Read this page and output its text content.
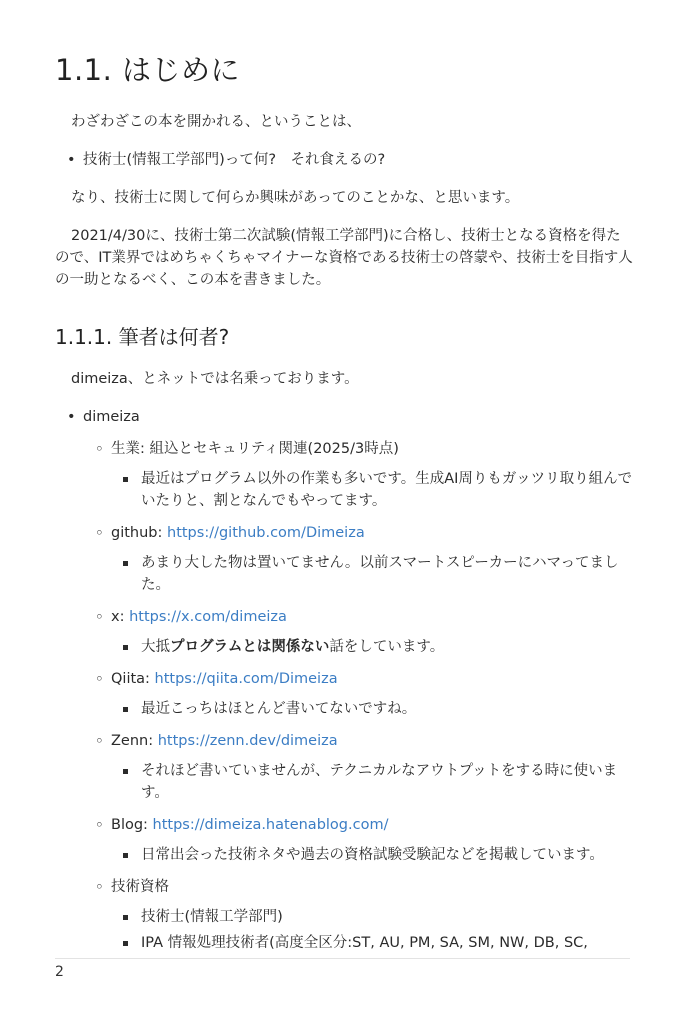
1.1. はじめに

わざわざこの本を開かれる、ということは、

• 技術士(情報工学部門)って何?　それ食えるの?

なり、技術士に関して何らか興味があってのことかな、と思います。

2021/4/30に、技術士第二次試験(情報工学部門)に合格し、技術士となる資格を得たので、IT業界ではめちゃくちゃマイナーな資格である技術士の啓蒙や、技術士を目指す人の一助となるべく、この本を書きました。

1.1.1. 筆者は何者?

dimeiza、とネットでは名乗っております。

• dimeiza
◦ 生業: 組込とセキュリティ関連(2025/3時点)
最近はプログラム以外の作業も多いです。生成AI周りもガッツリ取り組んでいたりと、割となんでもやってます。
◦ github: https://github.com/Dimeiza
あまり大した物は置いてません。以前スマートスピーカーにハマってました。
◦ x: https://x.com/dimeiza
大抵プログラムとは関係ない話をしています。
◦ Qiita: https://qiita.com/Dimeiza
最近こっちはほとんど書いてないですね。
◦ Zenn: https://zenn.dev/dimeiza
それほど書いていませんが、テクニカルなアウトプットをする時に使います。
◦ Blog: https://dimeiza.hatenablog.com/
日常出会った技術ネタや過去の資格試験受験記などを掲載しています。
◦ 技術資格
技術士(情報工学部門)
IPA 情報処理技術者(高度全区分:ST, AU, PM, SA, SM, NW, DB, SC,
2
